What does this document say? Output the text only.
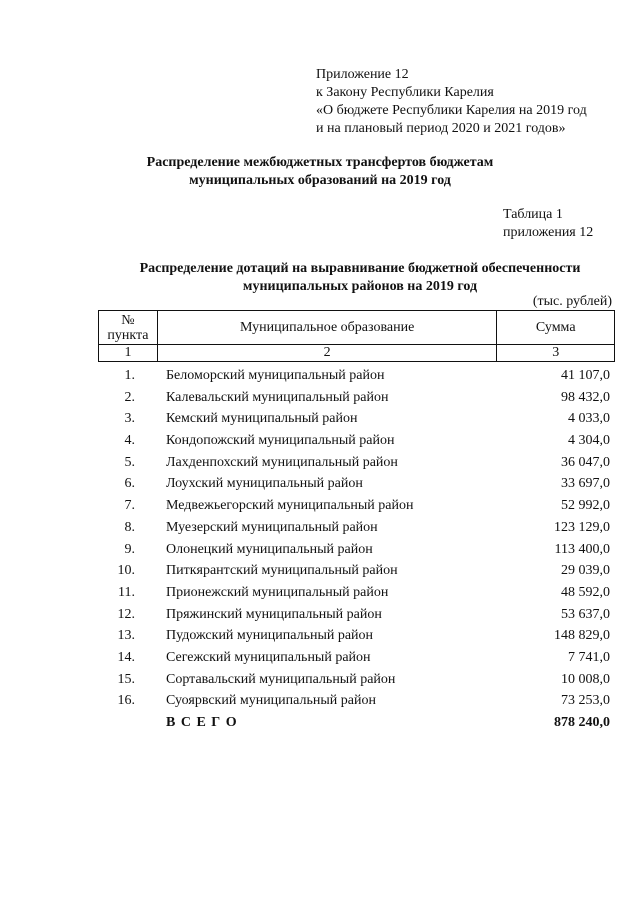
Приложение 12
к Закону Республики Карелия
«О бюджете Республики Карелия на 2019 год
и на плановый период 2020 и 2021 годов»
Распределение межбюджетных трансфертов бюджетам
муниципальных образований на 2019 год
Таблица 1
приложения 12
Распределение дотаций на выравнивание бюджетной обеспеченности
муниципальных районов на 2019 год
(тыс. рублей)
№
пункта	Муниципальное образование	Сумма
1	2	3
1. Беломорский муниципальный район	41 107,0
2. Калевальский муниципальный район	98 432,0
3. Кемский муниципальный район	4 033,0
4. Кондопожский муниципальный район	4 304,0
5. Лахденпохский муниципальный район	36 047,0
6. Лоухский муниципальный район	33 697,0
7. Медвежьегорский муниципальный район	52 992,0
8. Муезерский муниципальный район	123 129,0
9. Олонецкий муниципальный район	113 400,0
10. Питкярантский муниципальный район	29 039,0
11. Прионежский муниципальный район	48 592,0
12. Пряжинский муниципальный район	53 637,0
13. Пудожский муниципальный район	148 829,0
14. Сегежский муниципальный район	7 741,0
15. Сортавальский муниципальный район	10 008,0
16. Суоярвский муниципальный район	73 253,0
В С Е Г О	878 240,0
